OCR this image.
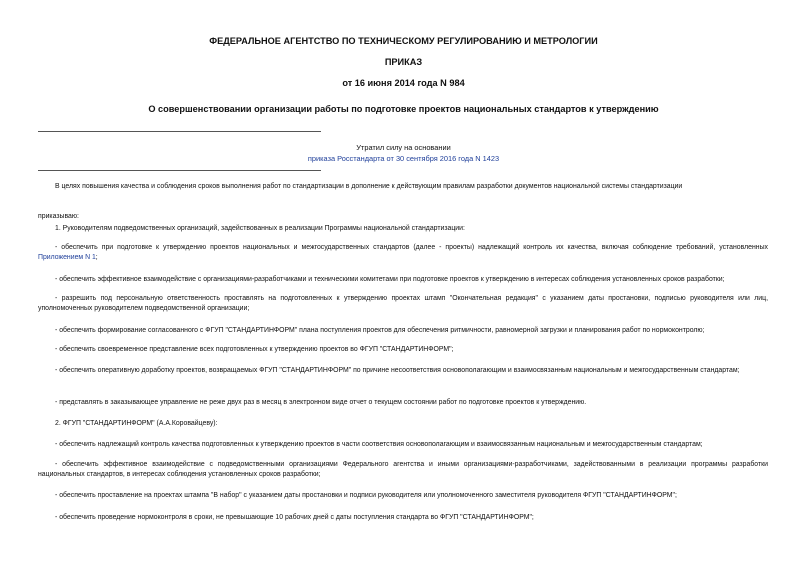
ФЕДЕРАЛЬНОЕ АГЕНТСТВО ПО ТЕХНИЧЕСКОМУ РЕГУЛИРОВАНИЮ И МЕТРОЛОГИИ
ПРИКАЗ
от 16 июня 2014 года N 984
О совершенствовании организации работы по подготовке проектов национальных стандартов к утверждению
Утратил силу на основании
приказа Росстандарта от 30 сентября 2016 года N 1423
В целях повышения качества и соблюдения сроков выполнения работ по стандартизации в дополнение к действующим правилам разработки документов национальной системы стандартизации
приказываю:
1. Руководителям подведомственных организаций, задействованных в реализации Программы национальной стандартизации:
- обеспечить при подготовке к утверждению проектов национальных и межгосударственных стандартов (далее - проекты) надлежащий контроль их качества, включая соблюдение требований, установленных Приложением N 1;
- обеспечить эффективное взаимодействие с организациями-разработчиками и техническими комитетами при подготовке проектов к утверждению в интересах соблюдения установленных сроков разработки;
- разрешить под персональную ответственность проставлять на подготовленных к утверждению проектах штамп "Окончательная редакция" с указанием даты простановки, подписью руководителя или лиц, уполномоченных руководителем подведомственной организации;
- обеспечить формирование согласованного с ФГУП "СТАНДАРТИНФОРМ" плана поступления проектов для обеспечения ритмичности, равномерной загрузки и планирования работ по нормоконтролю;
- обеспечить своевременное представление всех подготовленных к утверждению проектов во ФГУП "СТАНДАРТИНФОРМ";
- обеспечить оперативную доработку проектов, возвращаемых ФГУП "СТАНДАРТИНФОРМ" по причине несоответствия основополагающим и взаимосвязанным национальным и межгосударственным стандартам;
- представлять в заказывающее управление не реже двух раз в месяц в электронном виде отчет о текущем состоянии работ по подготовке проектов к утверждению.
2. ФГУП "СТАНДАРТИНФОРМ" (А.А.Коровайцеву):
- обеспечить надлежащий контроль качества подготовленных к утверждению проектов в части соответствия основополагающим и взаимосвязанным национальным и межгосударственным стандартам;
- обеспечить эффективное взаимодействие с подведомственными организациями Федерального агентства и иными организациями-разработчиками, задействованными в реализации программы разработки национальных стандартов, в интересах соблюдения установленных сроков разработки;
- обеспечить проставление на проектах штампа "В набор" с указанием даты простановки и подписи руководителя или уполномоченного заместителя руководителя ФГУП "СТАНДАРТИНФОРМ";
- обеспечить проведение нормоконтроля в сроки, не превышающие 10 рабочих дней с даты поступления стандарта во ФГУП "СТАНДАРТИНФОРМ";
